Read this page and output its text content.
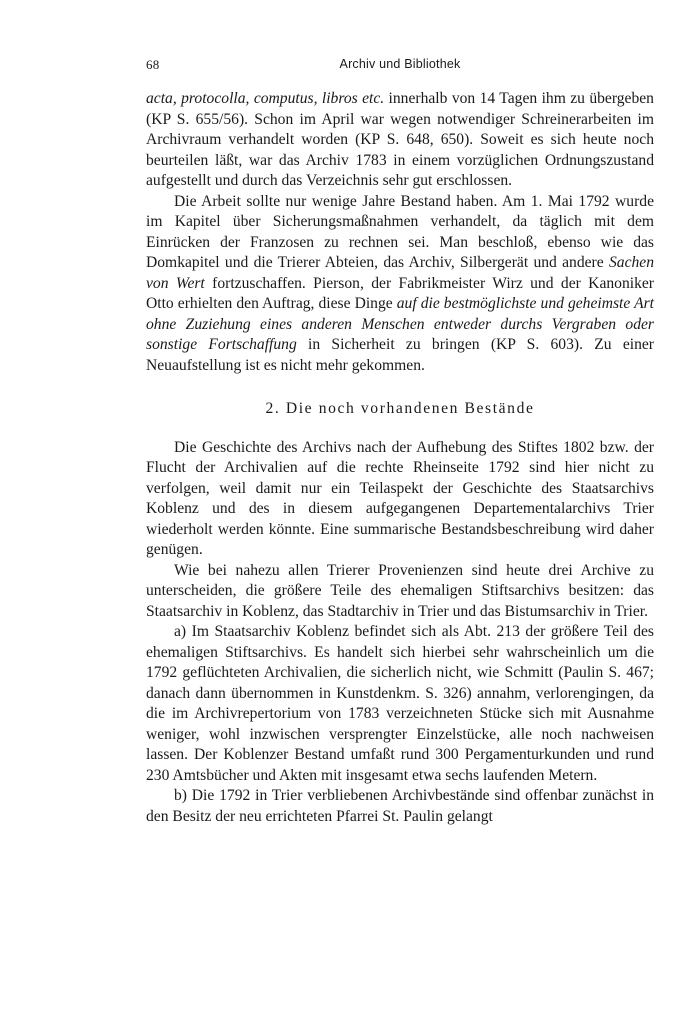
68	Archiv und Bibliothek

acta, protocolla, computus, libros etc. innerhalb von 14 Tagen ihm zu übergeben (KP S. 655/56). Schon im April war wegen notwendiger Schreinerarbeiten im Archivraum verhandelt worden (KP S. 648, 650). Soweit es sich heute noch beurteilen läßt, war das Archiv 1783 in einem vorzüglichen Ordnungszustand aufgestellt und durch das Verzeichnis sehr gut erschlossen.

Die Arbeit sollte nur wenige Jahre Bestand haben. Am 1. Mai 1792 wurde im Kapitel über Sicherungsmaßnahmen verhandelt, da täglich mit dem Einrücken der Franzosen zu rechnen sei. Man beschloß, ebenso wie das Domkapitel und die Trierer Abteien, das Archiv, Silbergerät und andere Sachen von Wert fortzuschaffen. Pierson, der Fabrikmeister Wirz und der Kanoniker Otto erhielten den Auftrag, diese Dinge auf die bestmöglichste und geheimste Art ohne Zuziehung eines anderen Menschen entweder durchs Vergraben oder sonstige Fortschaffung in Sicherheit zu bringen (KP S. 603). Zu einer Neuaufstellung ist es nicht mehr gekommen.

2. Die noch vorhandenen Bestände

Die Geschichte des Archivs nach der Aufhebung des Stiftes 1802 bzw. der Flucht der Archivalien auf die rechte Rheinseite 1792 sind hier nicht zu verfolgen, weil damit nur ein Teilaspekt der Geschichte des Staatsarchivs Koblenz und des in diesem aufgegangenen Departementalarchivs Trier wiederholt werden könnte. Eine summarische Bestandsbeschreibung wird daher genügen.

Wie bei nahezu allen Trierer Provenienzen sind heute drei Archive zu unterscheiden, die größere Teile des ehemaligen Stiftsarchivs besitzen: das Staatsarchiv in Koblenz, das Stadtarchiv in Trier und das Bistumsarchiv in Trier.

a) Im Staatsarchiv Koblenz befindet sich als Abt. 213 der größere Teil des ehemaligen Stiftsarchivs. Es handelt sich hierbei sehr wahrscheinlich um die 1792 geflüchteten Archivalien, die sicherlich nicht, wie Schmitt (Paulin S. 467; danach dann übernommen in Kunstdenkm. S. 326) annahm, verlorengingen, da die im Archivrepertorium von 1783 verzeichneten Stücke sich mit Ausnahme weniger, wohl inzwischen versprengter Einzelstücke, alle noch nachweisen lassen. Der Koblenzer Bestand umfaßt rund 300 Pergamenturkunden und rund 230 Amtsbücher und Akten mit insgesamt etwa sechs laufenden Metern.

b) Die 1792 in Trier verbliebenen Archivbestände sind offenbar zunächst in den Besitz der neu errichteten Pfarrei St. Paulin gelangt
